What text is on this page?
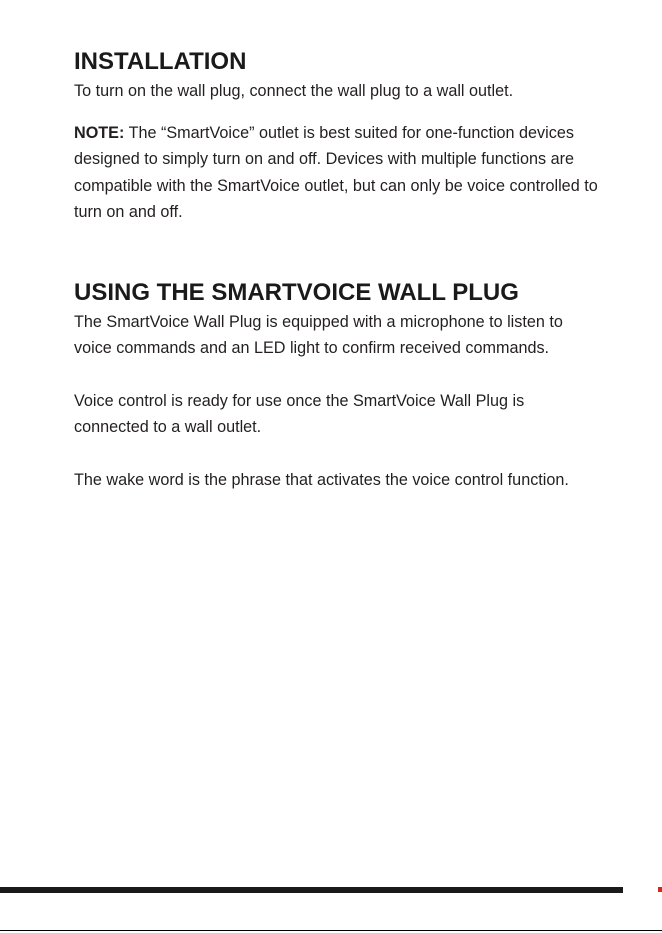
INSTALLATION

To turn on the wall plug, connect the wall plug to a wall outlet.

NOTE: The “SmartVoice” outlet is best suited for one-function devices designed to simply turn on and off. Devices with multiple functions are compatible with the SmartVoice outlet, but can only be voice controlled to turn on and off.

USING THE SMARTVOICE WALL PLUG

The SmartVoice Wall Plug is equipped with a microphone to listen to voice commands and an LED light to confirm received commands.

Voice control is ready for use once the SmartVoice Wall Plug is connected to a wall outlet.

The wake word is the phrase that activates the voice control function.
